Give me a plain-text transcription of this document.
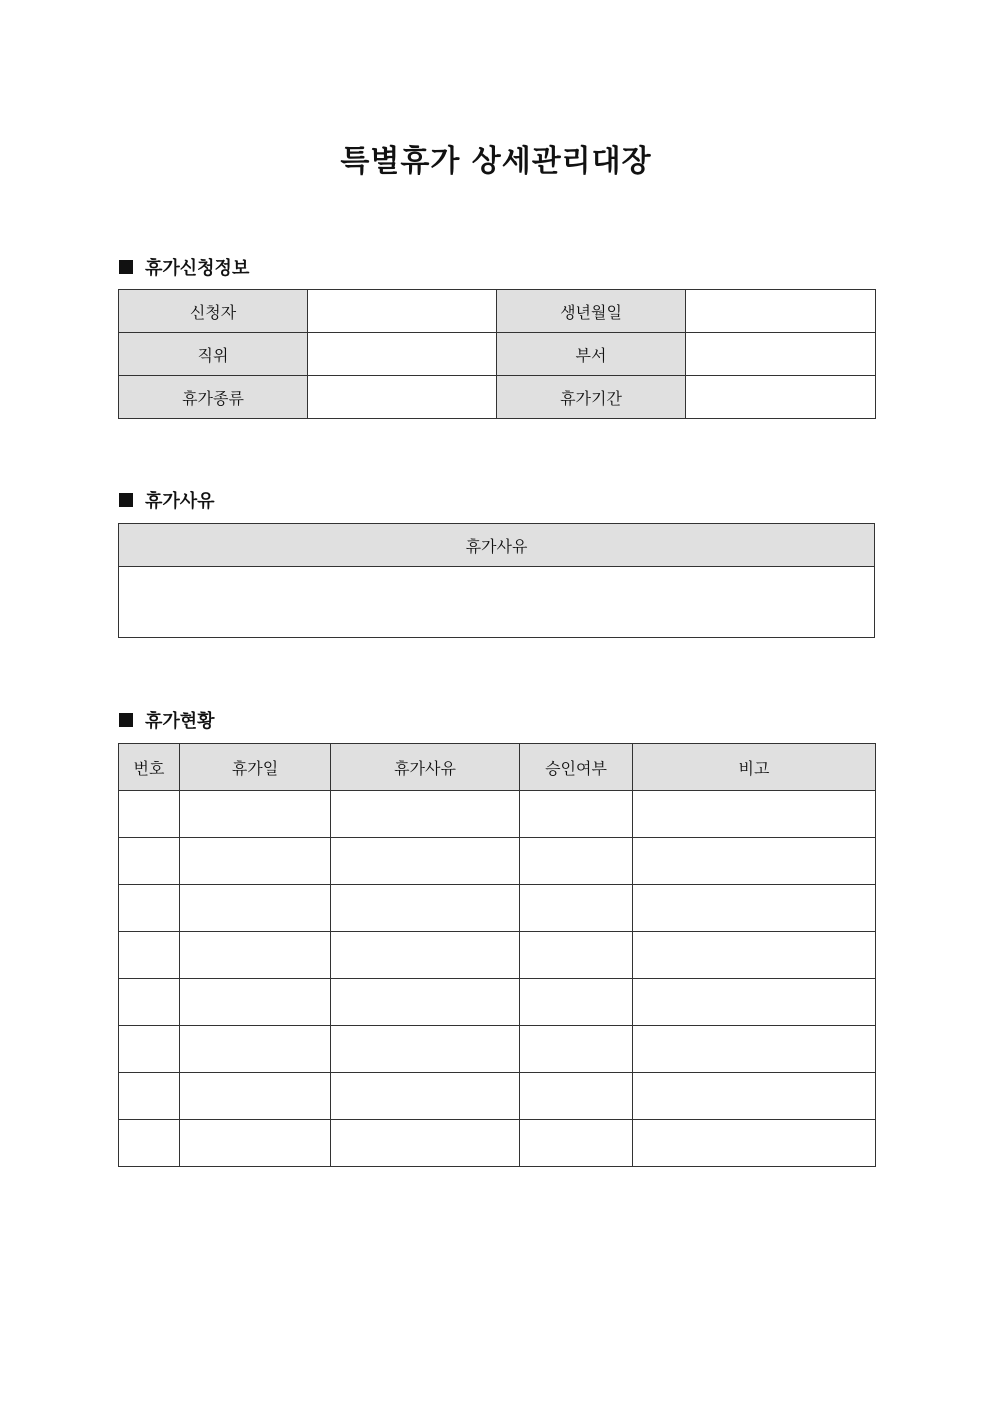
특별휴가 상세관리대장
휴가신청정보
신청자		생년월일	
직위		부서	
휴가종류		휴가기간	
휴가사유
휴가사유

휴가현황
번호	휴가일	휴가사유	승인여부	비고
